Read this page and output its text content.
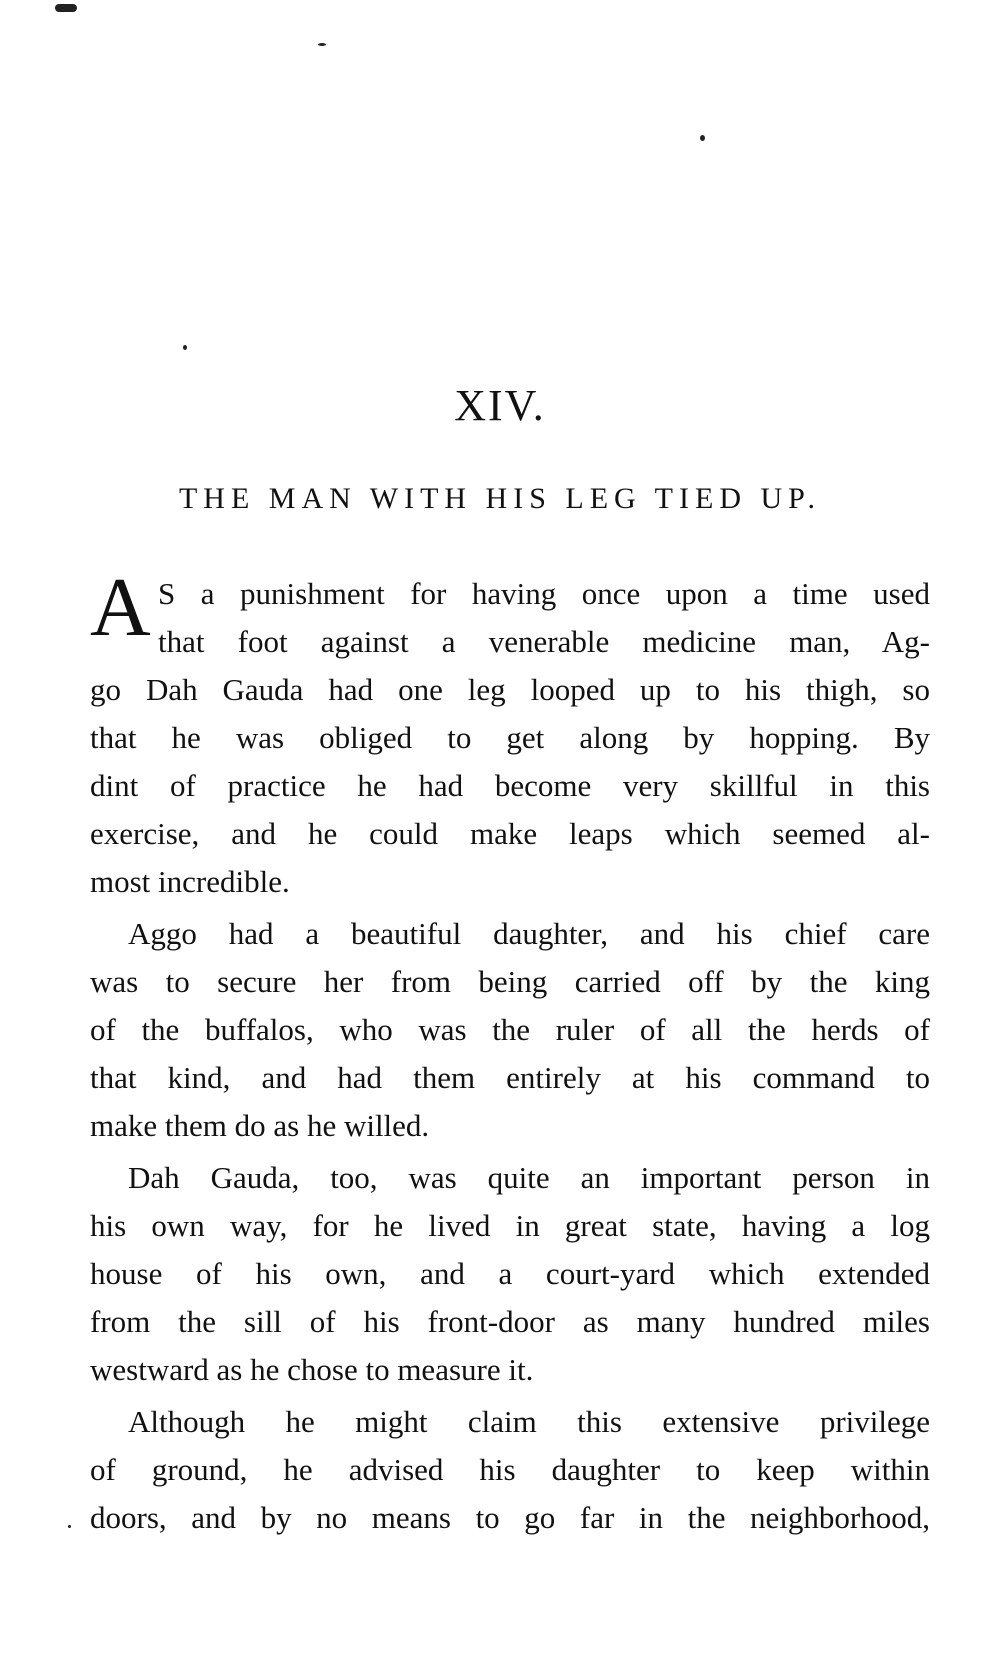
XIV.
THE MAN WITH HIS LEG TIED UP.
A S a punishment for having once upon a time used
that foot against a venerable medicine man, Ag-
go Dah Gauda had one leg looped up to his thigh, so
that he was obliged to get along by hopping. By
dint of practice he had become very skillful in this
exercise, and he could make leaps which seemed al-
most incredible.
Aggo had a beautiful daughter, and his chief care
was to secure her from being carried off by the king
of the buffalos, who was the ruler of all the herds of
that kind, and had them entirely at his command to
make them do as he willed.
Dah Gauda, too, was quite an important person in
his own way, for he lived in great state, having a log
house of his own, and a court-yard which extended
from the sill of his front-door as many hundred miles
westward as he chose to measure it.
Although he might claim this extensive privilege
of ground, he advised his daughter to keep within
doors, and by no means to go far in the neighborhood,
